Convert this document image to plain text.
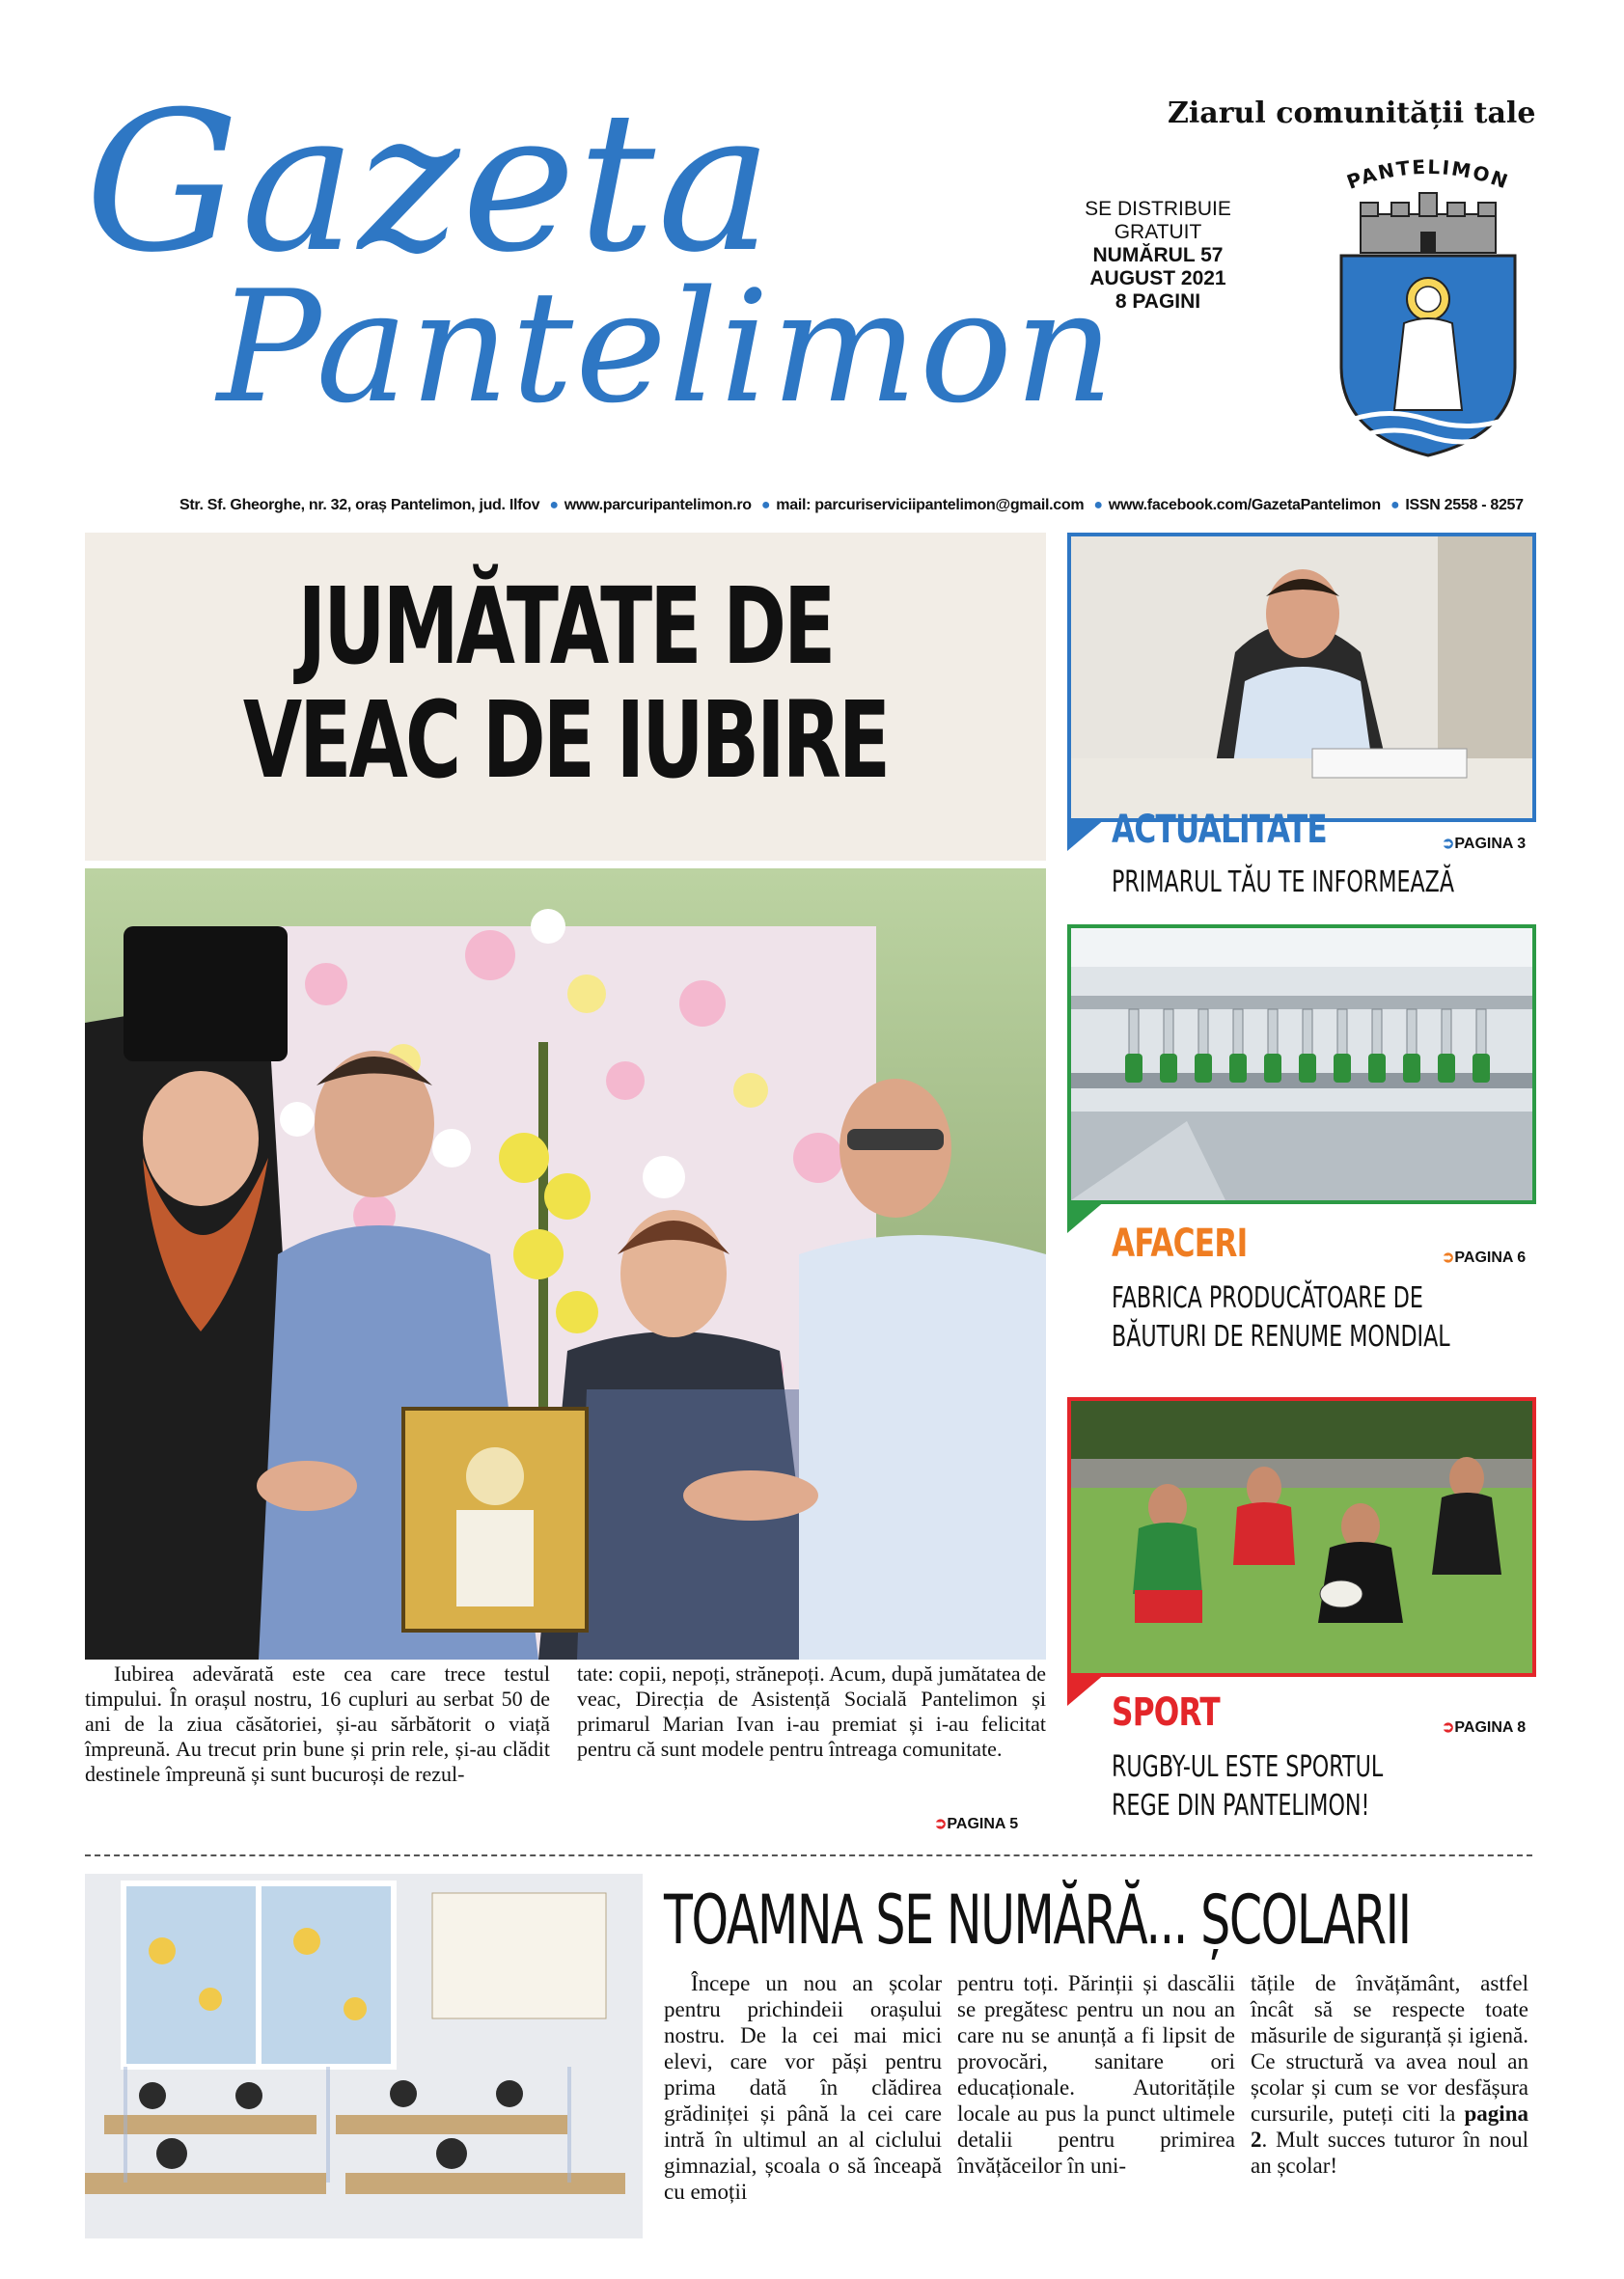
Gazeta
Pantelimon
Ziarul comunității tale
SE DISTRIBUIE
GRATUIT
NUMĂRUL 57
AUGUST 2021
8 PAGINI
PANTELIMON
Str. Sf. Gheorghe, nr. 32, oraș Pantelimon, jud. Ilfov ● www.parcuripantelimon.ro ● mail: parcuriserviciipantelimon@gmail.com ● www.facebook.com/GazetaPantelimon ● ISSN 2558 - 8257
JUMĂTATE DE
VEAC DE IUBIRE
Iubirea adevărată este cea care trece testul timpului. În orașul nostru, 16 cupluri au serbat 50 de ani de la ziua căsătoriei, și-au sărbătorit o viață împreună. Au trecut prin bune și prin rele, și-au clădit destinele împreună și sunt bucuroși de rezul-
tate: copii, nepoți, strănepoți. Acum, după jumătatea de veac, Direcția de Asistență Socială Pantelimon și primarul Marian Ivan i-au premiat și i-au felicitat pentru că sunt modele pentru întreaga comunitate.
➲PAGINA 5
ACTUALITATE	➲PAGINA 3
PRIMARUL TĂU TE INFORMEAZĂ
AFACERI	➲PAGINA 6
FABRICA PRODUCĂTOARE DE
BĂUTURI DE RENUME MONDIAL
SPORT	➲PAGINA 8
RUGBY-UL ESTE SPORTUL
REGE DIN PANTELIMON!
TOAMNA SE NUMĂRĂ... ȘCOLARII
Începe un nou an școlar pentru prichindeii orașului nostru. De la cei mai mici elevi, care vor păși pentru prima dată în clădirea grădiniței și până la cei care intră în ultimul an al ciclului gimnazial, școala o să înceapă cu emoții
pentru toți. Părinții și dascălii se pregătesc pentru un nou an care nu se anunță a fi lipsit de provocări, sanitare ori educaționale. Autoritățile locale au pus la punct ultimele detalii pentru primirea învățăceilor în uni-
tățile de învățământ, astfel încât să se respecte toate măsurile de siguranță și igienă. Ce structură va avea noul an școlar și cum se vor desfășura cursurile, puteți citi la pagina 2. Mult succes tuturor în noul an școlar!
